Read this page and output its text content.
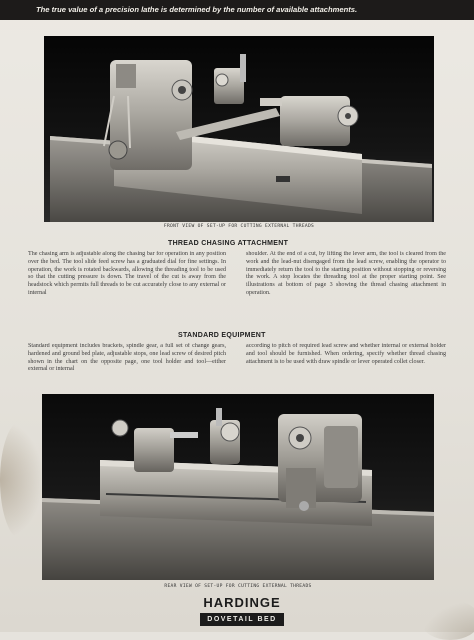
The true value of a precision lathe is determined by the number of available attachments.
FRONT VIEW OF SET-UP FOR CUTTING EXTERNAL THREADS
THREAD CHASING ATTACHMENT
The chasing arm is adjustable along the chasing bar for operation in any position over the bed. The tool slide feed screw has a graduated dial for fine settings. In operation, the work is rotated backwards, allowing the threading tool to be used so that the cutting pressure is down. The travel of the cut is away from the headstock which permits full threads to be cut accurately close to any external or internal
shoulder. At the end of a cut, by lifting the lever arm, the tool is cleared from the work and the lead-nut disengaged from the lead screw, enabling the operator to immediately return the tool to the starting position without stopping or reversing the work. A stop locates the threading tool at the proper starting point. See illustrations at bottom of page 3 showing the thread chasing attachment in operation.
STANDARD EQUIPMENT
Standard equipment includes brackets, spindle gear, a full set of change gears, hardened and ground bed plate, adjustable stops, one lead screw of desired pitch shown in the chart on the opposite page, one tool holder and tool—either external or internal
according to pitch of required lead screw and whether internal or external holder and tool should be furnished. When ordering, specify whether thread chasing attachment is to be used with draw spindle or lever operated collet closer.
REAR VIEW OF SET-UP FOR CUTTING EXTERNAL THREADS
HARDINGE
DOVETAIL BED
